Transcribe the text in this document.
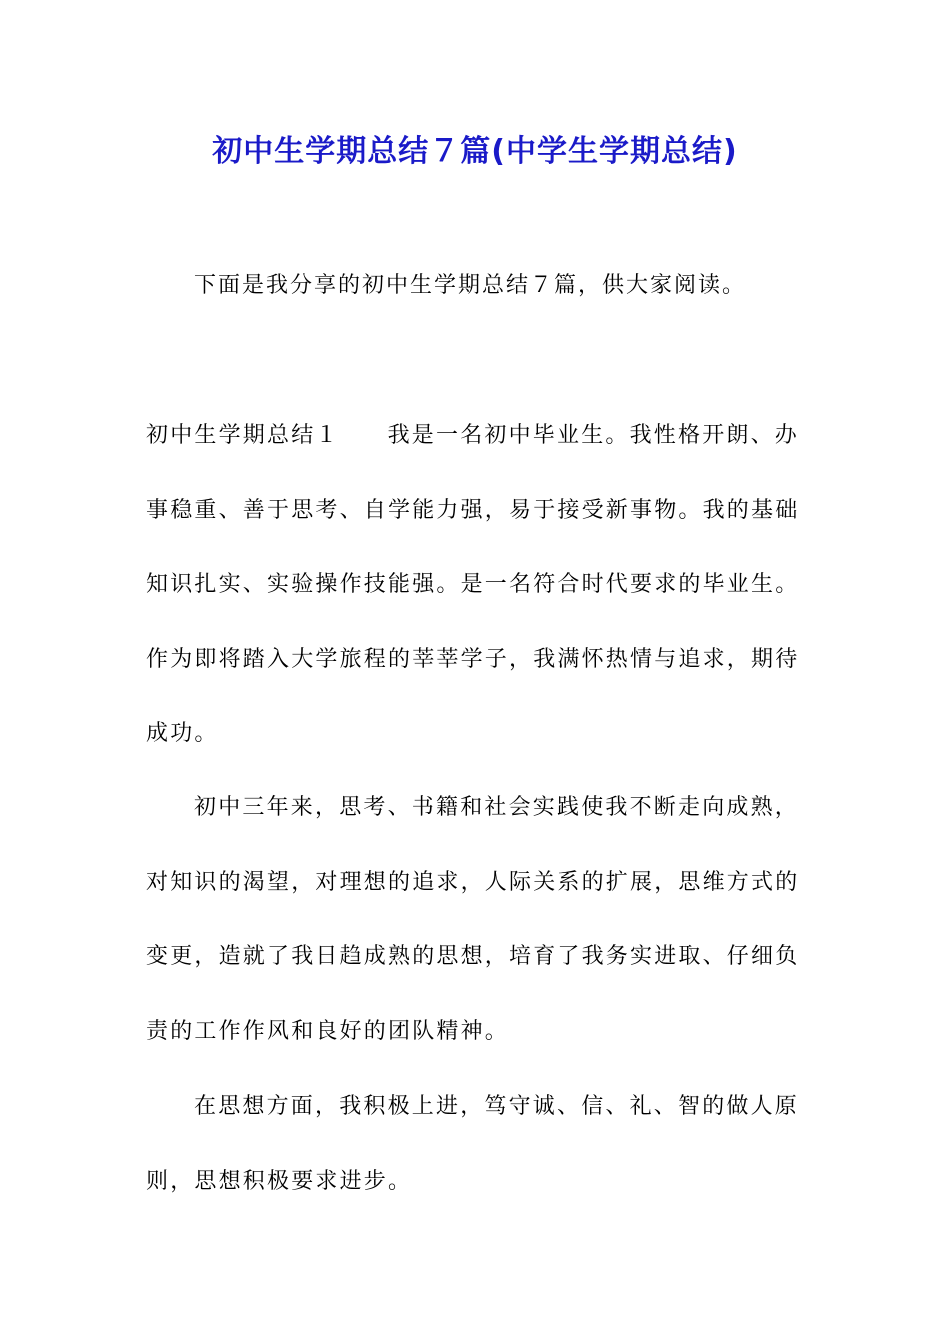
初中生学期总结７篇(中学生学期总结)

下面是我分享的初中生学期总结７篇，供大家阅读。

初中生学期总结１ 我是一名初中毕业生。我性格开朗、办事稳重、善于思考、自学能力强，易于接受新事物。我的基础知识扎实、实验操作技能强。是一名符合时代要求的毕业生。作为即将踏入大学旅程的莘莘学子，我满怀热情与追求，期待成功。

初中三年来，思考、书籍和社会实践使我不断走向成熟，对知识的渴望，对理想的追求，人际关系的扩展，思维方式的变更，造就了我日趋成熟的思想，培育了我务实进取、仔细负责的工作作风和良好的团队精神。

在思想方面，我积极上进，笃守诚、信、礼、智的做人原则，思想积极要求进步。
